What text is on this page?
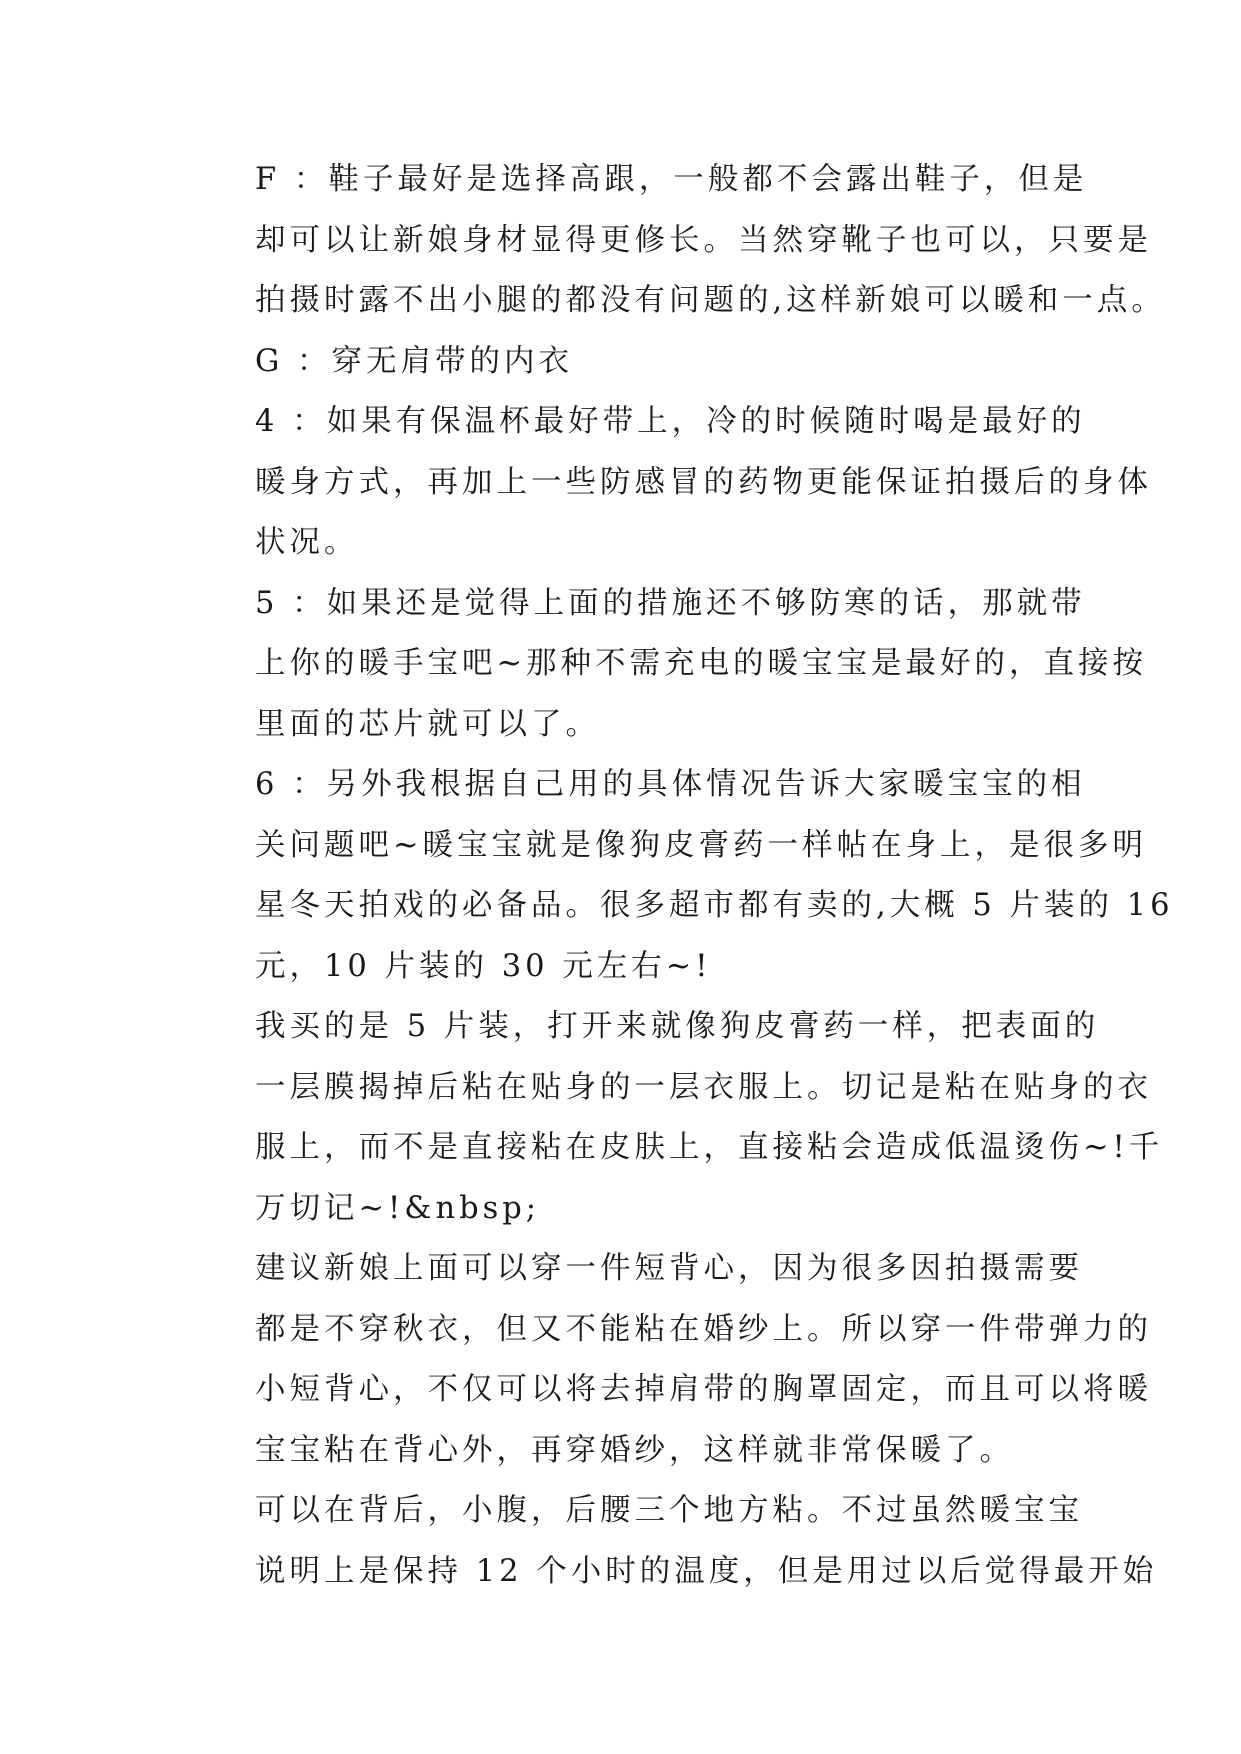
F ：鞋子最好是选择高跟，一般都不会露出鞋子，但是
却可以让新娘身材显得更修长。当然穿靴子也可以，只要是
拍摄时露不出小腿的都没有问题的,这样新娘可以暖和一点。

G ：穿无肩带的内衣

4 ：如果有保温杯最好带上，冷的时候随时喝是最好的
暖身方式，再加上一些防感冒的药物更能保证拍摄后的身体
状况。

5 ：如果还是觉得上面的措施还不够防寒的话，那就带
上你的暖手宝吧~那种不需充电的暖宝宝是最好的，直接按
里面的芯片就可以了。

6 ：另外我根据自己用的具体情况告诉大家暖宝宝的相
关问题吧~暖宝宝就是像狗皮膏药一样帖在身上，是很多明
星冬天拍戏的必备品。很多超市都有卖的,大概 5 片装的 16
元，10 片装的 30 元左右~!

我买的是 5 片装，打开来就像狗皮膏药一样，把表面的
一层膜揭掉后粘在贴身的一层衣服上。切记是粘在贴身的衣
服上，而不是直接粘在皮肤上，直接粘会造成低温烫伤~!千
万切记~!&nbsp;

建议新娘上面可以穿一件短背心，因为很多因拍摄需要
都是不穿秋衣，但又不能粘在婚纱上。所以穿一件带弹力的
小短背心，不仅可以将去掉肩带的胸罩固定，而且可以将暖
宝宝粘在背心外，再穿婚纱，这样就非常保暖了。

可以在背后，小腹，后腰三个地方粘。不过虽然暖宝宝
说明上是保持 12 个小时的温度，但是用过以后觉得最开始
